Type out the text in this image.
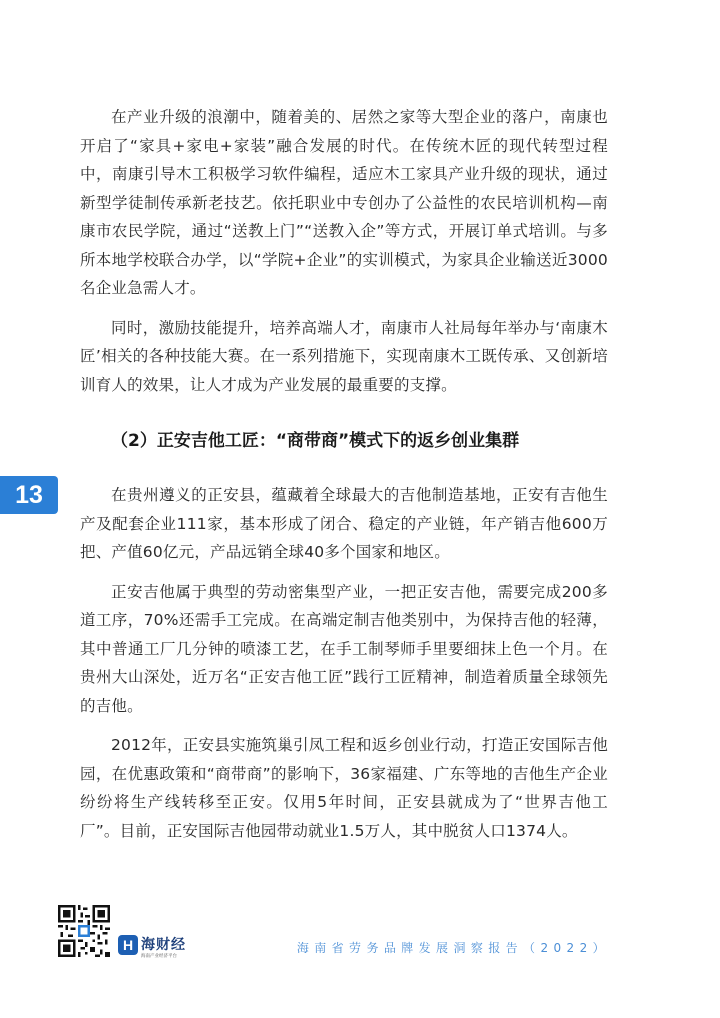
在产业升级的浪潮中，随着美的、居然之家等大型企业的落户，南康也开启了“家具+家电+家装”融合发展的时代。在传统木匠的现代转型过程中，南康引导木工积极学习软件编程，适应木工家具产业升级的现状，通过新型学徒制传承新老技艺。依托职业中专创办了公益性的农民培训机构—南康市农民学院，通过“送教上门”“送教入企”等方式，开展订单式培训。与多所本地学校联合办学，以“学院+企业”的实训模式，为家具企业输送近3000名企业急需人才。

同时，激励技能提升，培养高端人才，南康市人社局每年举办与‘南康木匠’相关的各种技能大赛。在一系列措施下，实现南康木工既传承、又创新培训育人的效果，让人才成为产业发展的最重要的支撑。

（2）正安吉他工匠：“商带商”模式下的返乡创业集群

在贵州遵义的正安县，蕴藏着全球最大的吉他制造基地，正安有吉他生产及配套企业111家，基本形成了闭合、稳定的产业链，年产销吉他600万把、产值60亿元，产品远销全球40多个国家和地区。

正安吉他属于典型的劳动密集型产业，一把正安吉他，需要完成200多道工序，70%还需手工完成。在高端定制吉他类别中，为保持吉他的轻薄，其中普通工厂几分钟的喷漆工艺，在手工制琴师手里要细抹上色一个月。在贵州大山深处，近万名“正安吉他工匠”践行工匠精神，制造着质量全球领先的吉他。

2012年，正安县实施筑巢引凤工程和返乡创业行动，打造正安国际吉他园，在优惠政策和“商带商”的影响下，36家福建、广东等地的吉他生产企业纷纷将生产线转移至正安。仅用5年时间，正安县就成为了“世界吉他工厂”。目前，正安国际吉他园带动就业1.5万人，其中脱贫人口1374人。

13
H 海财经
海南产业经济平台
海南省劳务品牌发展洞察报告（2022）
